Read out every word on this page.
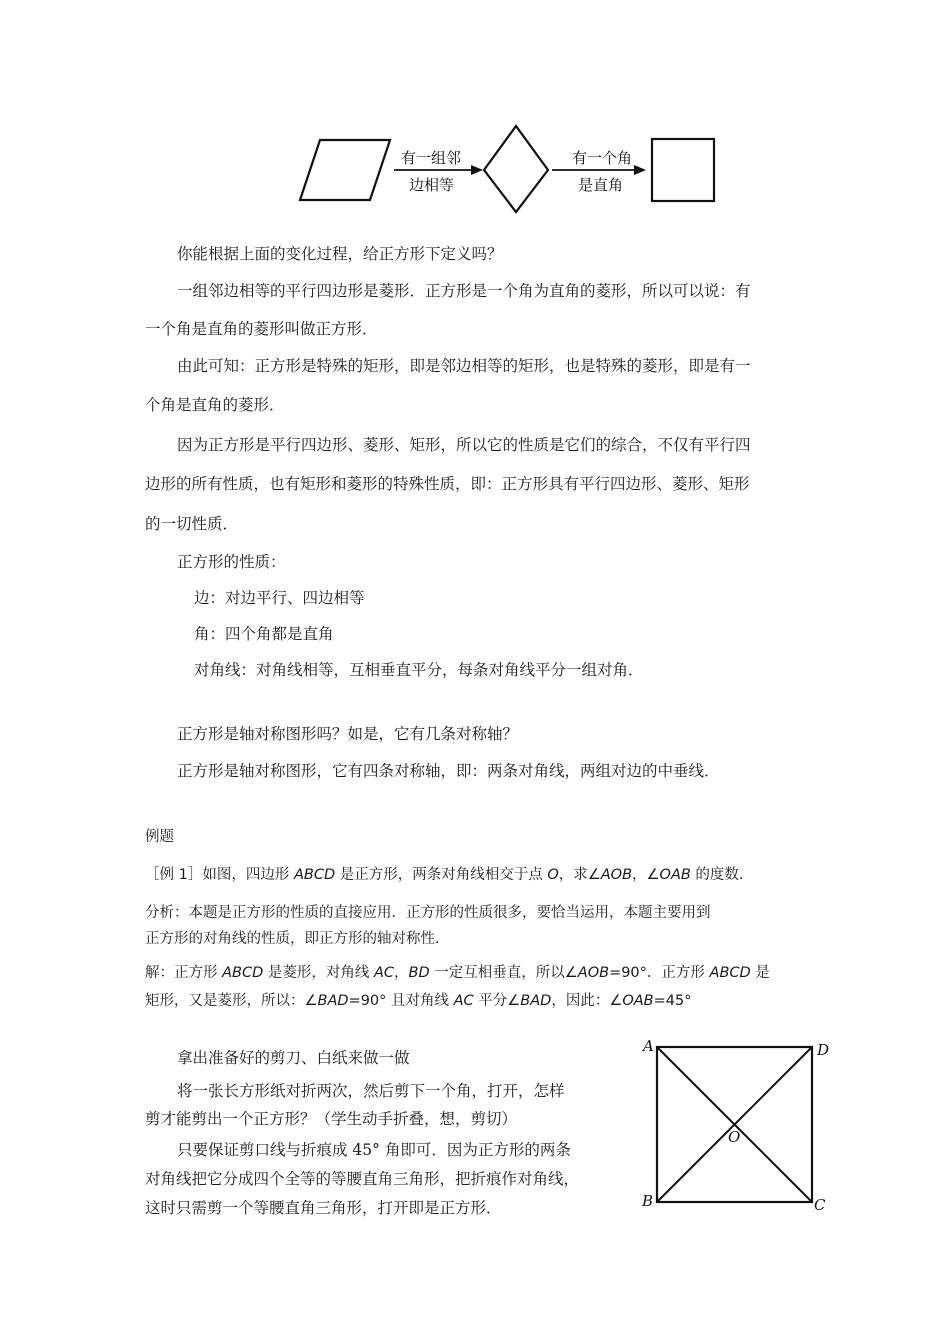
有一组邻
边相等
有一个角
是直角
你能根据上面的变化过程，给正方形下定义吗？
一组邻边相等的平行四边形是菱形．正方形是一个角为直角的菱形，所以可以说：有
一个角是直角的菱形叫做正方形．
由此可知：正方形是特殊的矩形，即是邻边相等的矩形，也是特殊的菱形，即是有一
个角是直角的菱形．
因为正方形是平行四边形、菱形、矩形，所以它的性质是它们的综合，不仅有平行四
边形的所有性质，也有矩形和菱形的特殊性质，即：正方形具有平行四边形、菱形、矩形
的一切性质．
正方形的性质：
边：对边平行、四边相等
角：四个角都是直角
对角线：对角线相等，互相垂直平分，每条对角线平分一组对角．
正方形是轴对称图形吗？如是，它有几条对称轴？
正方形是轴对称图形，它有四条对称轴，即：两条对角线，两组对边的中垂线．
例题
［例 1］如图，四边形 ABCD 是正方形，两条对角线相交于点 O，求∠AOB，∠OAB 的度数．
分析：本题是正方形的性质的直接应用．正方形的性质很多，要恰当运用，本题主要用到
正方形的对角线的性质，即正方形的轴对称性．
解：正方形 ABCD 是菱形，对角线 AC，BD 一定互相垂直，所以∠AOB=90°．正方形 ABCD 是
矩形，又是菱形，所以：∠BAD=90° 且对角线 AC 平分∠BAD，因此：∠OAB=45°
拿出准备好的剪刀、白纸来做一做
将一张长方形纸对折两次，然后剪下一个角，打开，怎样
剪才能剪出一个正方形？（学生动手折叠，想，剪切）
只要保证剪口线与折痕成 45° 角即可．因为正方形的两条
对角线把它分成四个全等的等腰直角三角形，把折痕作对角线，
这时只需剪一个等腰直角三角形，打开即是正方形．
A	D
B	C
O
